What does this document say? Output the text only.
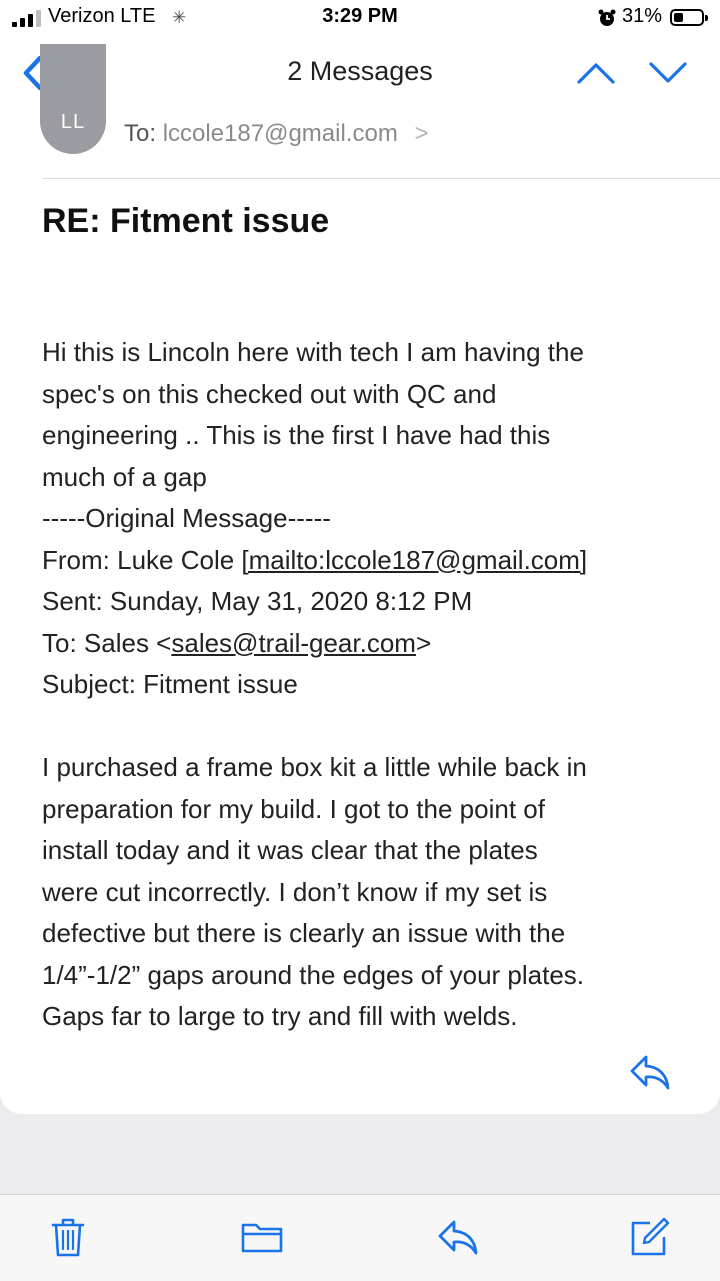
Verizon LTE ✳	3:29 PM	31%
2 Messages
LL	To: lccole187@gmail.com >
RE: Fitment issue
Hi this is Lincoln here with tech I am having the
spec's on this checked out with QC and
engineering .. This is the first I have had this
much of a gap
-----Original Message-----
From: Luke Cole [mailto:lccole187@gmail.com]
Sent: Sunday, May 31, 2020 8:12 PM
To: Sales <sales@trail-gear.com>
Subject: Fitment issue
I purchased a frame box kit a little while back in
preparation for my build. I got to the point of
install today and it was clear that the plates
were cut incorrectly. I don’t know if my set is
defective but there is clearly an issue with the
1/4”-1/2” gaps around the edges of your plates.
Gaps far to large to try and fill with welds.
